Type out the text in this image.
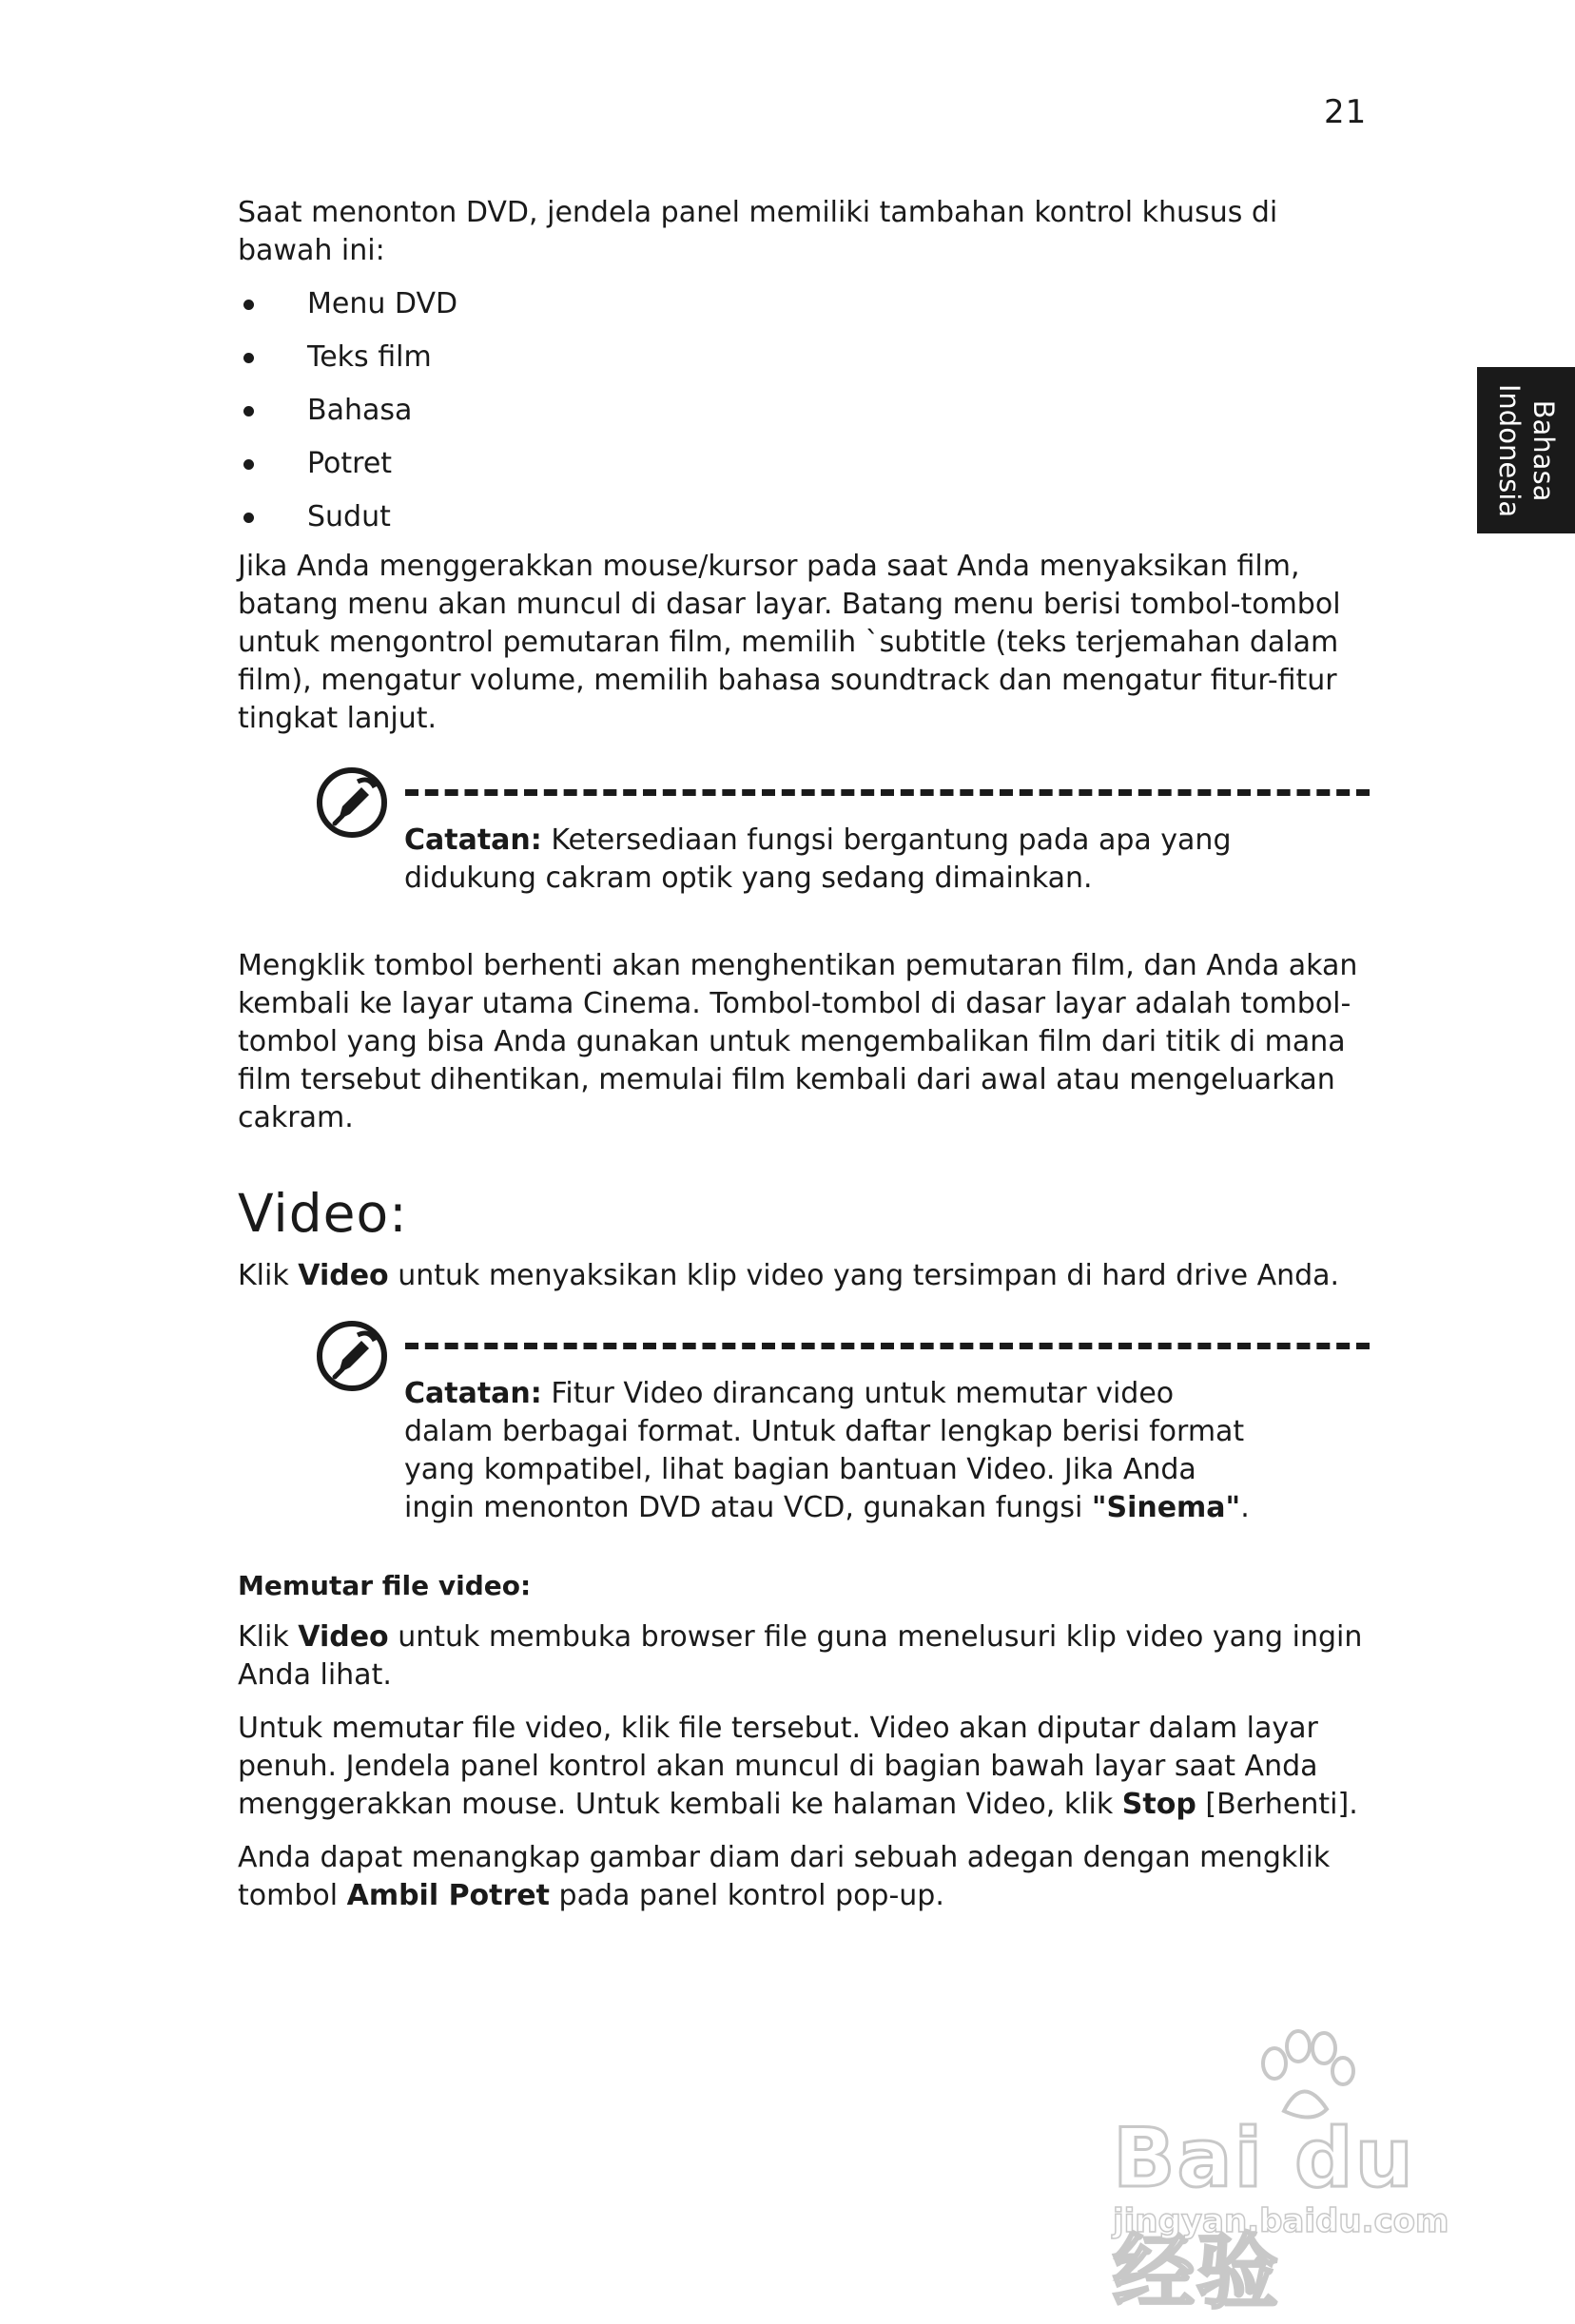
21
Bahasa
Indonesia

Saat menonton DVD, jendela panel memiliki tambahan kontrol khusus di bawah ini:

Menu DVD
Teks film
Bahasa
Potret
Sudut

Jika Anda menggerakkan mouse/kursor pada saat Anda menyaksikan film, batang menu akan muncul di dasar layar. Batang menu berisi tombol-tombol untuk mengontrol pemutaran film, memilih `subtitle (teks terjemahan dalam film), mengatur volume, memilih bahasa soundtrack dan mengatur fitur-fitur tingkat lanjut.

Catatan: Ketersediaan fungsi bergantung pada apa yang didukung cakram optik yang sedang dimainkan.

Mengklik tombol berhenti akan menghentikan pemutaran film, dan Anda akan kembali ke layar utama Cinema. Tombol-tombol di dasar layar adalah tombol-tombol yang bisa Anda gunakan untuk mengembalikan film dari titik di mana film tersebut dihentikan, memulai film kembali dari awal atau mengeluarkan cakram.

Video:

Klik Video untuk menyaksikan klip video yang tersimpan di hard drive Anda.

Catatan: Fitur Video dirancang untuk memutar video dalam berbagai format. Untuk daftar lengkap berisi format yang kompatibel, lihat bagian bantuan Video. Jika Anda ingin menonton DVD atau VCD, gunakan fungsi "Sinema".
Memutar file video:

Klik Video untuk membuka browser file guna menelusuri klip video yang ingin Anda lihat.

Untuk memutar file video, klik file tersebut. Video akan diputar dalam layar penuh. Jendela panel kontrol akan muncul di bagian bawah layar saat Anda menggerakkan mouse. Untuk kembali ke halaman Video, klik Stop [Berhenti].

Anda dapat menangkap gambar diam dari sebuah adegan dengan mengklik tombol Ambil Potret pada panel kontrol pop-up.

Bai du 经验
jingyan.baidu.com
